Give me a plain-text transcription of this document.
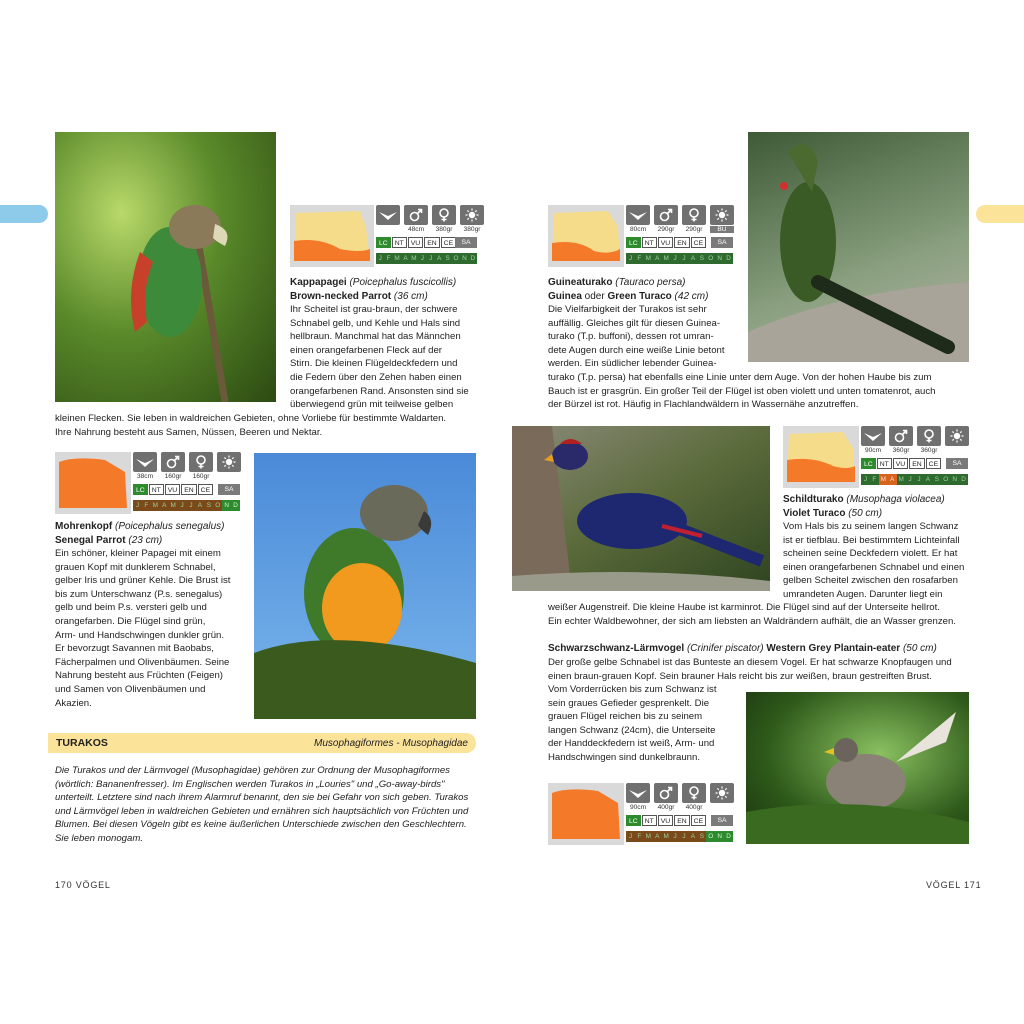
48cm	380gr	380gr
LC	NT	VU	EN	CE	SA
J F M A M J J A S O N D
Kappapagei (Poicephalus fuscicollis)
Brown-necked Parrot (36 cm)
Ihr Scheitel ist grau-braun, der schwere
Schnabel gelb, und Kehle und Hals sind
hellbraun. Manchmal hat das Männchen
einen orangefarbenen Fleck auf der
Stirn. Die kleinen Flügeldeckfedern und
die Federn über den Zehen haben einen
orangefarbenen Rand. Ansonsten sind sie
überwiegend grün mit teilweise gelben
kleinen Flecken. Sie leben in waldreichen Gebieten, ohne Vorliebe für bestimmte Waldarten.
Ihre Nahrung besteht aus Samen, Nüssen, Beeren und Nektar.
38cm	160gr	160gr
LC	NT	VU	EN	CE	SA
J F M A M J J A S O N D
Mohrenkopf (Poicephalus senegalus)
Senegal Parrot (23 cm)
Ein schöner, kleiner Papagei mit einem
grauen Kopf mit dunklerem Schnabel,
gelber Iris und grüner Kehle. Die Brust ist
bis zum Unterschwanz (P.s. senegalus)
gelb und beim P.s. versteri gelb und
orangefarben. Die Flügel sind grün,
Arm- und Handschwingen dunkler grün.
Er bevorzugt Savannen mit Baobabs,
Fächerpalmen und Olivenbäumen. Seine
Nahrung besteht aus Früchten (Feigen)
und Samen von Olivenbäumen und
Akazien.
TURAKOS	Musophagiformes - Musophagidae
Die Turakos und der Lärmvogel (Musophagidae) gehören zur Ordnung der Musophagiformes
(wörtlich: Bananenfresser). Im Englischen werden Turakos in „Louries" und „Go-away-birds"
unterteilt. Letztere sind nach ihrem Alarmruf benannt, den sie bei Gefahr von sich geben. Turakos
und Lärmvögel leben in waldreichen Gebieten und ernähren sich hauptsächlich von Früchten und
Blumen. Bei diesen Vögeln gibt es keine äußerlichen Unterschiede zwischen den Geschlechtern.
Sie leben monogam.
170 VÖGEL
80cm	290gr	290gr	BU
LC	NT	VU	EN	CE	SA
J F M A M J J A S O N D
Guineaturako (Tauraco persa)
Guinea oder Green Turaco (42 cm)
Die Vielfarbigkeit der Turakos ist sehr
auffällig. Gleiches gilt für diesen Guinea-
turako (T.p. buffoni), dessen rot umran-
dete Augen durch eine weiße Linie betont
werden. Ein südlicher lebender Guinea-
turako (T.p. persa) hat ebenfalls eine Linie unter dem Auge. Von der hohen Haube bis zum
Bauch ist er grasgrün. Ein großer Teil der Flügel ist oben violett und unten tomatenrot, auch
der Bürzel ist rot. Häufig in Flachlandwäldern in Wassernähe anzutreffen.
90cm	360gr	360gr
LC	NT	VU	EN	CE	SA
J F M A M J J A S O N D
Schildturako (Musophaga violacea)
Violet Turaco (50 cm)
Vom Hals bis zu seinem langen Schwanz
ist er tiefblau. Bei bestimmtem Lichteinfall
scheinen seine Deckfedern violett. Er hat
einen orangefarbenen Schnabel und einen
gelben Scheitel zwischen den rosafarben
umrandeten Augen. Darunter liegt ein
weißer Augenstreif. Die kleine Haube ist karminrot. Die Flügel sind auf der Unterseite hellrot.
Ein echter Waldbewohner, der sich am liebsten an Waldrändern aufhält, die an Wasser grenzen.
Schwarzschwanz-Lärmvogel (Crinifer piscator) Western Grey Plantain-eater (50 cm)
Der große gelbe Schnabel ist das Bunteste an diesem Vogel. Er hat schwarze Knopfaugen und
einen braun-grauen Kopf. Sein brauner Hals reicht bis zur weißen, braun gestreiften Brust.
Vom Vorderrücken bis zum Schwanz ist
sein graues Gefieder gesprenkelt. Die
grauen Flügel reichen bis zu seinem
langen Schwanz (24cm), die Unterseite
der Handdeckfedern ist weiß, Arm- und
Handschwingen sind dunkelbraunn.
90cm	400gr	400gr
LC	NT	VU	EN	CE	SA
J F M A M J J A S O N D
VÖGEL 171
